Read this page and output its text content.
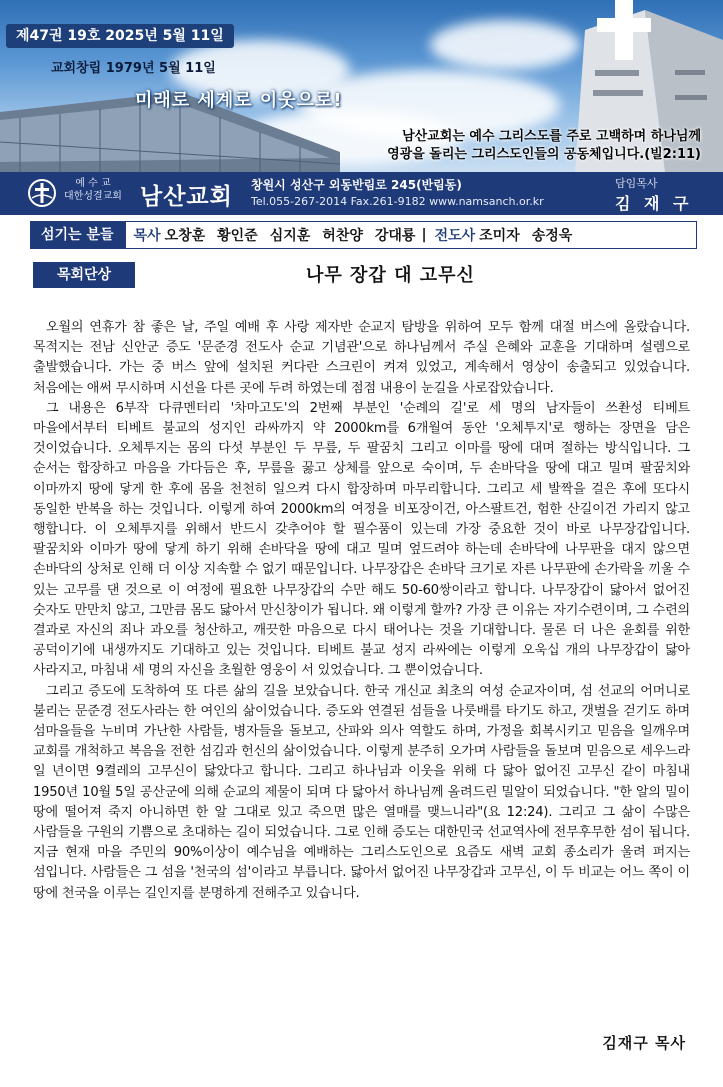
제47권 19호 2025년 5월 11일
교회창립 1979년 5월 11일
미래로 세계로 이웃으로!
남산교회는 예수 그리스도를 주로 고백하며 하나님께
영광을 돌리는 그리스도인들의 공동체입니다.(빌2:11)
예 수 교
대한성결교회 남산교회 창원시 성산구 외동반림로 245(반림동)
Tel.055-267-2014 Fax.261-9182 www.namsanch.or.kr
담임목사
김 재 구
섬기는 분들	목사 오창훈 황인준 심지훈 허찬양 강대룡 | 전도사 조미자 송정욱
목회단상	나무 장갑 대 고무신

오월의 연휴가 참 좋은 날, 주일 예배 후 사랑 제자반 순교지 탐방을 위하여 모두 함께 대절 버스에 올랐습니다. 목적지는 전남 신안군 증도 '문준경 전도사 순교 기념관'으로 하나님께서 주실 은혜와 교훈을 기대하며 설렘으로 출발했습니다. 가는 중 버스 앞에 설치된 커다란 스크린이 켜져 있었고, 계속해서 영상이 송출되고 있었습니다. 처음에는 애써 무시하며 시선을 다른 곳에 두려 하였는데 점점 내용이 눈길을 사로잡았습니다.

그 내용은 6부작 다큐멘터리 '차마고도'의 2번째 부분인 '순례의 길'로 세 명의 남자들이 쓰촨성 티베트 마을에서부터 티베트 불교의 성지인 라싸까지 약 2000km를 6개월여 동안 '오체투지'로 행하는 장면을 담은 것이었습니다. 오체투지는 몸의 다섯 부분인 두 무릎, 두 팔꿈치 그리고 이마를 땅에 대며 절하는 방식입니다. 그 순서는 합장하고 마음을 가다듬은 후, 무릎을 꿇고 상체를 앞으로 숙이며, 두 손바닥을 땅에 대고 밀며 팔꿈치와 이마까지 땅에 닿게 한 후에 몸을 천천히 일으켜 다시 합장하며 마무리합니다. 그리고 세 발짝을 걸은 후에 또다시 동일한 반복을 하는 것입니다. 이렇게 하여 2000km의 여정을 비포장이건, 아스팔트건, 험한 산길이건 가리지 않고 행합니다. 이 오체투지를 위해서 반드시 갖추어야 할 필수품이 있는데 가장 중요한 것이 바로 나무장갑입니다. 팔꿈치와 이마가 땅에 닿게 하기 위해 손바닥을 땅에 대고 밀며 엎드려야 하는데 손바닥에 나무판을 대지 않으면 손바닥의 상처로 인해 더 이상 지속할 수 없기 때문입니다. 나무장갑은 손바닥 크기로 자른 나무판에 손가락을 끼울 수 있는 고무를 댄 것으로 이 여정에 필요한 나무장갑의 수만 해도 50-60쌍이라고 합니다. 나무장갑이 닳아서 없어진 숫자도 만만치 않고, 그만큼 몸도 닳아서 만신창이가 됩니다. 왜 이렇게 할까? 가장 큰 이유는 자기수련이며, 그 수련의 결과로 자신의 죄나 과오를 청산하고, 깨끗한 마음으로 다시 태어나는 것을 기대합니다. 물론 더 나은 윤회를 위한 공덕이기에 내생까지도 기대하고 있는 것입니다. 티베트 불교 성지 라싸에는 이렇게 오욱십 개의 나무장갑이 닳아 사라지고, 마침내 세 명의 자신을 초월한 영웅이 서 있었습니다. 그 뿐이었습니다.

그리고 증도에 도착하여 또 다른 삶의 길을 보았습니다. 한국 개신교 최초의 여성 순교자이며, 섬 선교의 어머니로 불리는 문준경 전도사라는 한 여인의 삶이었습니다. 증도와 연결된 섬들을 나룻배를 타기도 하고, 갯벌을 걷기도 하며 섬마을들을 누비며 가난한 사람들, 병자들을 돌보고, 산파와 의사 역할도 하며, 가정을 회복시키고 믿음을 일깨우며 교회를 개척하고 복음을 전한 섬김과 헌신의 삶이었습니다. 이렇게 분주히 오가며 사람들을 돌보며 믿음으로 세우느라 일 년이면 9켤레의 고무신이 닳았다고 합니다. 그리고 하나님과 이웃을 위해 다 닳아 없어진 고무신 같이 마침내 1950년 10월 5일 공산군에 의해 순교의 제물이 되며 다 닳아서 하나님께 올려드린 밀알이 되었습니다. "한 알의 밀이 땅에 떨어져 죽지 아니하면 한 알 그대로 있고 죽으면 많은 열매를 맺느니라"(요 12:24). 그리고 그 삶이 수많은 사람들을 구원의 기쁨으로 초대하는 길이 되었습니다. 그로 인해 증도는 대한민국 선교역사에 전무후무한 섬이 됩니다. 지금 현재 마을 주민의 90%이상이 예수님을 예배하는 그리스도인으로 요즘도 새벽 교회 종소리가 울려 퍼지는 섬입니다. 사람들은 그 섬을 '천국의 섬'이라고 부릅니다. 닳아서 없어진 나무장갑과 고무신, 이 두 비교는 어느 쪽이 이 땅에 천국을 이루는 길인지를 분명하게 전해주고 있습니다.

김재구 목사
